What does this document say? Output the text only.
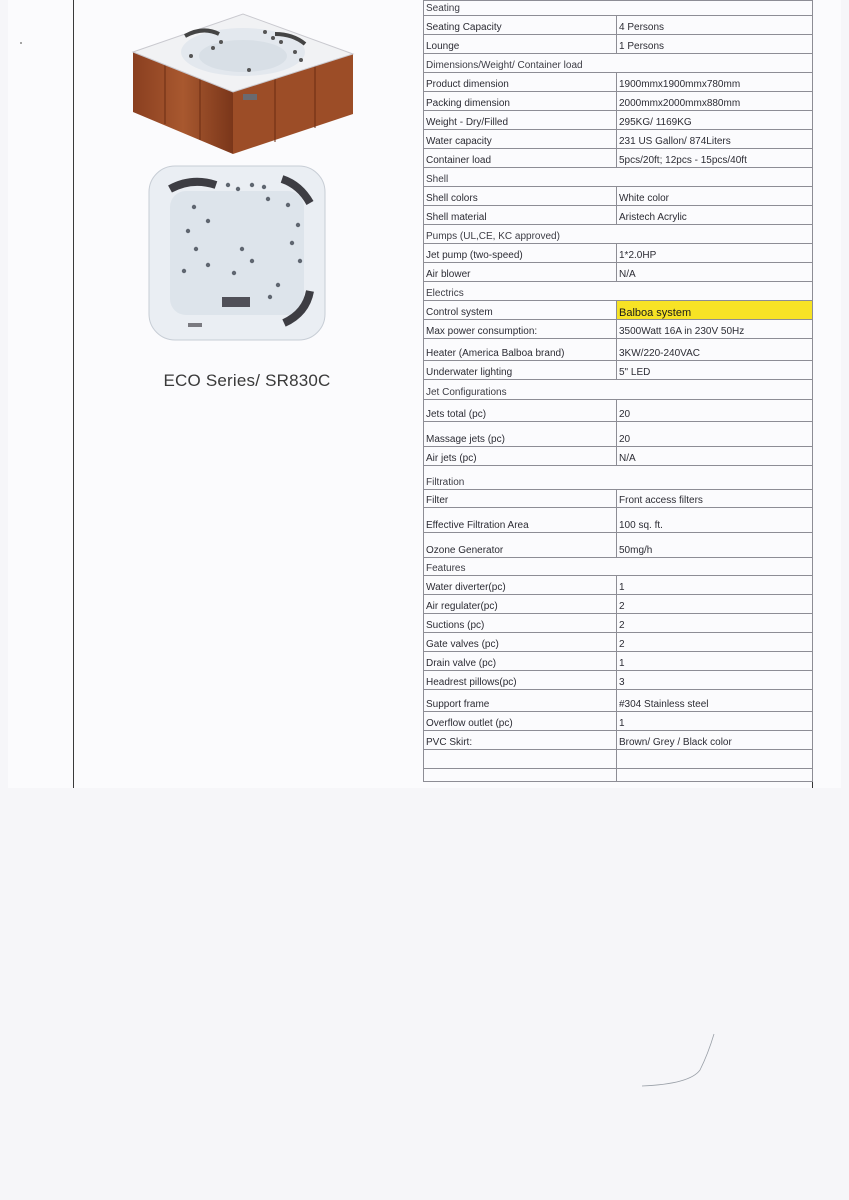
ECO Series/ SR830C
Seating	
Seating Capacity	4 Persons
Lounge	1 Persons
Dimensions/Weight/ Container load	
Product dimension	1900mmx1900mmx780mm
Packing dimension	2000mmx2000mmx880mm
Weight - Dry/Filled	295KG/ 1169KG
Water capacity	231 US Gallon/ 874Liters
Container load	5pcs/20ft; 12pcs - 15pcs/40ft
Shell	
Shell colors	White color
Shell material	Aristech Acrylic
Pumps (UL,CE, KC approved)	
Jet pump (two-speed)	1*2.0HP
Air blower	N/A
Electrics	
Control system	Balboa system
Max power consumption:	3500Watt 16A in 230V 50Hz
Heater (America Balboa brand)	3KW/220-240VAC
Underwater lighting	5" LED
Jet Configurations	
Jets total (pc)	20
Massage jets (pc)	20
Air jets (pc)	N/A
Filtration	
Filter	Front access filters
Effective Filtration Area	100 sq. ft.
Ozone Generator	50mg/h
Features	
Water diverter(pc)	1
Air regulater(pc)	2
Suctions (pc)	2
Gate valves (pc)	2
Drain valve (pc)	1
Headrest pillows(pc)	3
Support frame	#304 Stainless steel
Overflow outlet (pc)	1
PVC Skirt:	Brown/ Grey / Black color
